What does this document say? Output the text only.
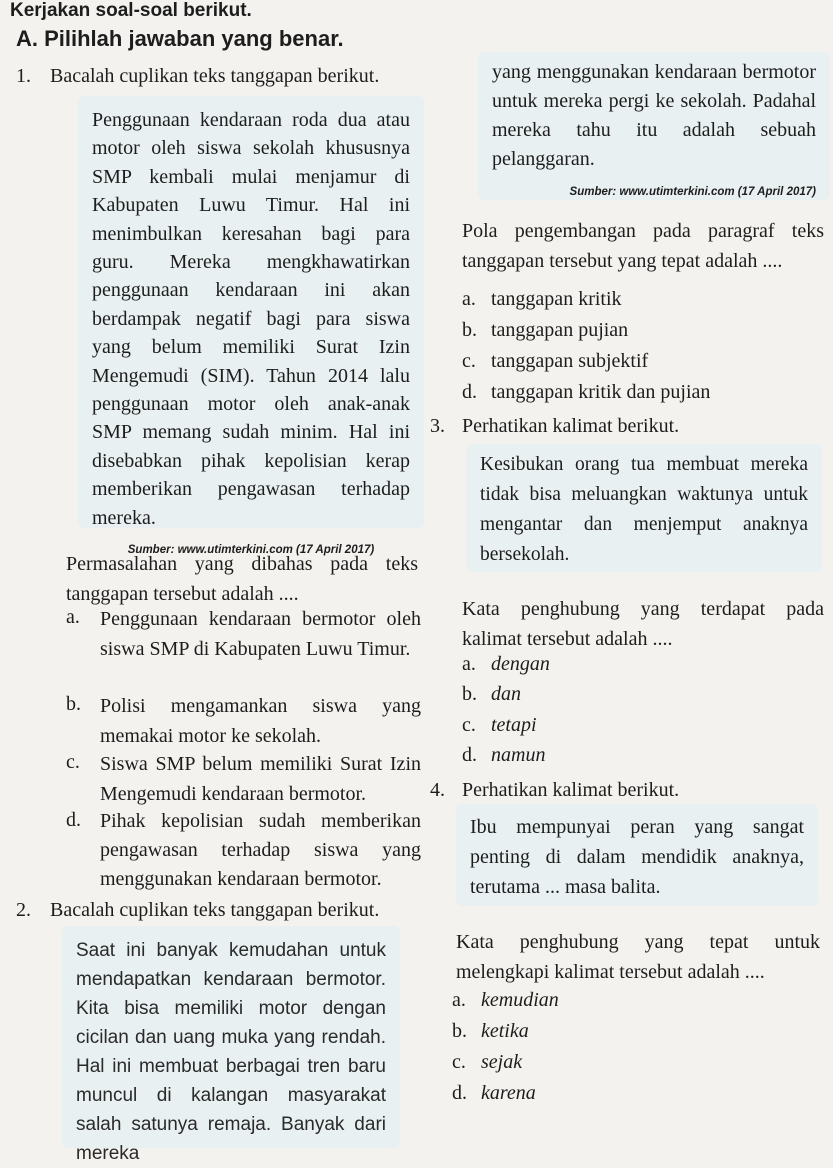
Kerjakan soal-soal berikut.
A. Pilihlah jawaban yang benar.
1. Bacalah cuplikan teks tanggapan berikut.

Penggunaan kendaraan roda dua atau motor oleh siswa sekolah khususnya SMP kembali mulai menjamur di Kabupaten Luwu Timur. Hal ini menimbulkan keresahan bagi para guru. Mereka mengkhawatirkan penggunaan kendaraan ini akan berdampak negatif bagi para siswa yang belum memiliki Surat Izin Mengemudi (SIM). Tahun 2014 lalu penggunaan motor oleh anak-anak SMP memang sudah minim. Hal ini disebabkan pihak kepolisian kerap memberikan pengawasan terhadap mereka.

Sumber: www.utimterkini.com (17 April 2017)
Permasalahan yang dibahas pada teks tanggapan tersebut adalah ....
a.	Penggunaan kendaraan bermotor oleh siswa SMP di Kabupaten Luwu Timur.
b. Polisi mengamankan siswa yang memakai motor ke sekolah.
c.	Siswa SMP belum memiliki Surat Izin Mengemudi kendaraan bermotor.
d. Pihak kepolisian sudah memberikan pengawasan terhadap siswa yang menggunakan kendaraan bermotor.
2. Bacalah cuplikan teks tanggapan berikut.

Saat ini banyak kemudahan untuk mendapatkan kendaraan bermotor. Kita bisa memiliki motor dengan cicilan dan uang muka yang rendah. Hal ini membuat berbagai tren baru muncul di kalangan masyarakat salah satunya remaja. Banyak dari mereka

yang menggunakan kendaraan bermotor untuk mereka pergi ke sekolah. Padahal mereka tahu itu adalah sebuah pelanggaran.

Sumber: www.utimterkini.com (17 April 2017)
Pola pengembangan pada paragraf teks tanggapan tersebut yang tepat adalah ....
a. tanggapan kritik
b. tanggapan pujian
c. tanggapan subjektif
d. tanggapan kritik dan pujian
3. Perhatikan kalimat berikut.

Kesibukan orang tua membuat mereka tidak bisa meluangkan waktunya untuk mengantar dan menjemput anaknya bersekolah.

Kata penghubung yang terdapat pada kalimat tersebut adalah ....
a. dengan
b. dan
c. tetapi
d. namun
4. Perhatikan kalimat berikut.

Ibu mempunyai peran yang sangat penting di dalam mendidik anaknya, terutama ... masa balita.

Kata penghubung yang tepat untuk melengkapi kalimat tersebut adalah ....
a. kemudian
b. ketika
c. sejak
d. karena
